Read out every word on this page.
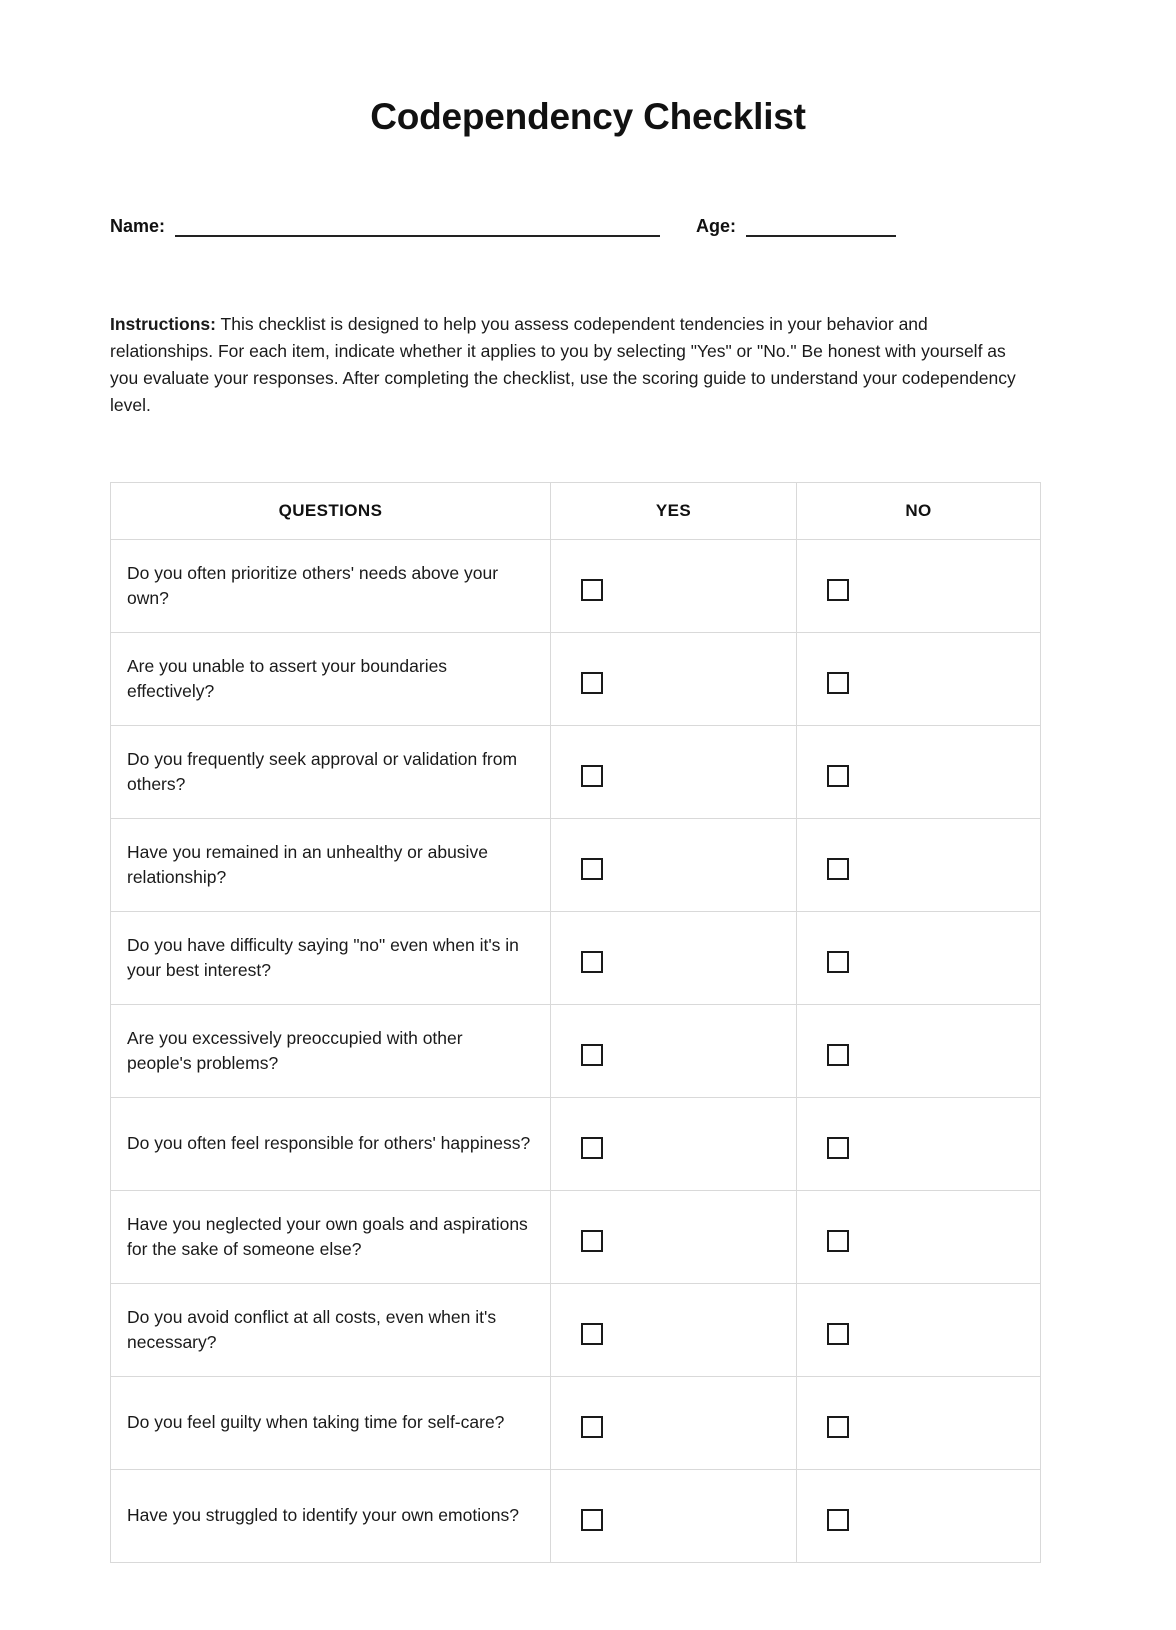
Codependency Checklist
Name:	Age:

Instructions: This checklist is designed to help you assess codependent tendencies in your behavior and relationships. For each item, indicate whether it applies to you by selecting "Yes" or "No." Be honest with yourself as you evaluate your responses. After completing the checklist, use the scoring guide to understand your codependency level.

QUESTIONS	YES	NO
Do you often prioritize others' needs above your own?		
Are you unable to assert your boundaries effectively?		
Do you frequently seek approval or validation from others?		
Have you remained in an unhealthy or abusive relationship?		
Do you have difficulty saying "no" even when it's in your best interest?		
Are you excessively preoccupied with other people's problems?		
Do you often feel responsible for others' happiness?		
Have you neglected your own goals and aspirations for the sake of someone else?		
Do you avoid conflict at all costs, even when it's necessary?		
Do you feel guilty when taking time for self-care?		
Have you struggled to identify your own emotions?		
